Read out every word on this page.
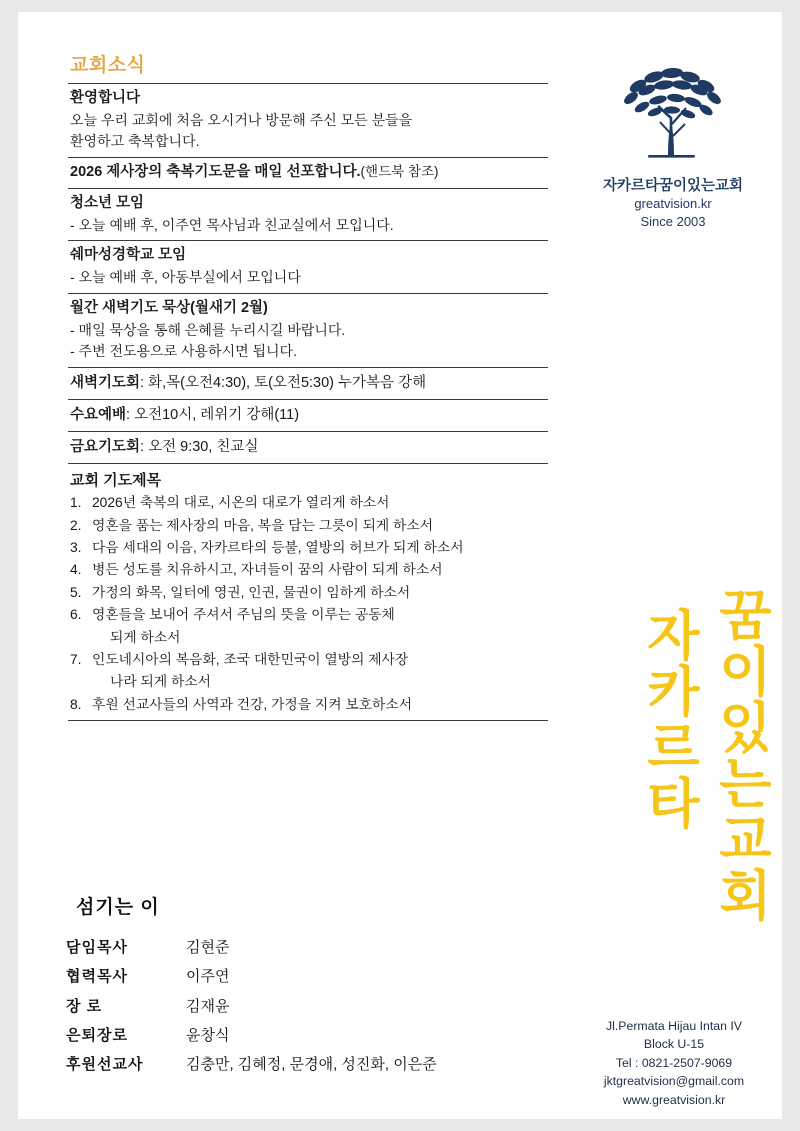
교회소식
환영합니다
오늘 우리 교회에 처음 오시거나 방문해 주신 모든 분들을
환영하고 축복합니다.
2026 제사장의 축복기도문을 매일 선포합니다.(핸드북 참조)
청소년 모임
- 오늘 예배 후, 이주연 목사님과 친교실에서 모입니다.
쉐마성경학교 모임
- 오늘 예배 후, 아동부실에서 모입니다
월간 새벽기도 묵상(월새기 2월)
- 매일 묵상을 통해 은혜를 누리시길 바랍니다.
- 주변 전도용으로 사용하시면 됩니다.
새벽기도회: 화,목(오전4:30), 토(오전5:30) 누가복음 강해
수요예배: 오전10시, 레위기 강해(11)
금요기도회: 오전 9:30, 친교실
교회 기도제목
1. 2026년 축복의 대로, 시온의 대로가 열리게 하소서
2. 영혼을 품는 제사장의 마음, 복을 담는 그릇이 되게 하소서
3. 다음 세대의 이음, 자카르타의 등불, 열방의 허브가 되게 하소서
4. 병든 성도를 치유하시고, 자녀들이 꿈의 사람이 되게 하소서
5. 가정의 화목, 일터에 영권, 인권, 물권이 임하게 하소서
6. 영혼들을 보내어 주셔서 주님의 뜻을 이루는 공동체
되게 하소서
7. 인도네시아의 복음화, 조국 대한민국이 열방의 제사장
나라 되게 하소서
8. 후원 선교사들의 사역과 건강, 가정을 지켜 보호하소서
섬기는 이
담임목사	김현준
협력목사	이주연
장 로	김재윤
은퇴장로	윤창식
후원선교사	김충만, 김혜정, 문경애, 성진화, 이은준
자카르타꿈이있는교회
greatvision.kr
Since 2003
꿈이있는교회
자카르타
Jl.Permata Hijau Intan IV
Block U-15
Tel : 0821-2507-9069
jktgreatvision@gmail.com
www.greatvision.kr
